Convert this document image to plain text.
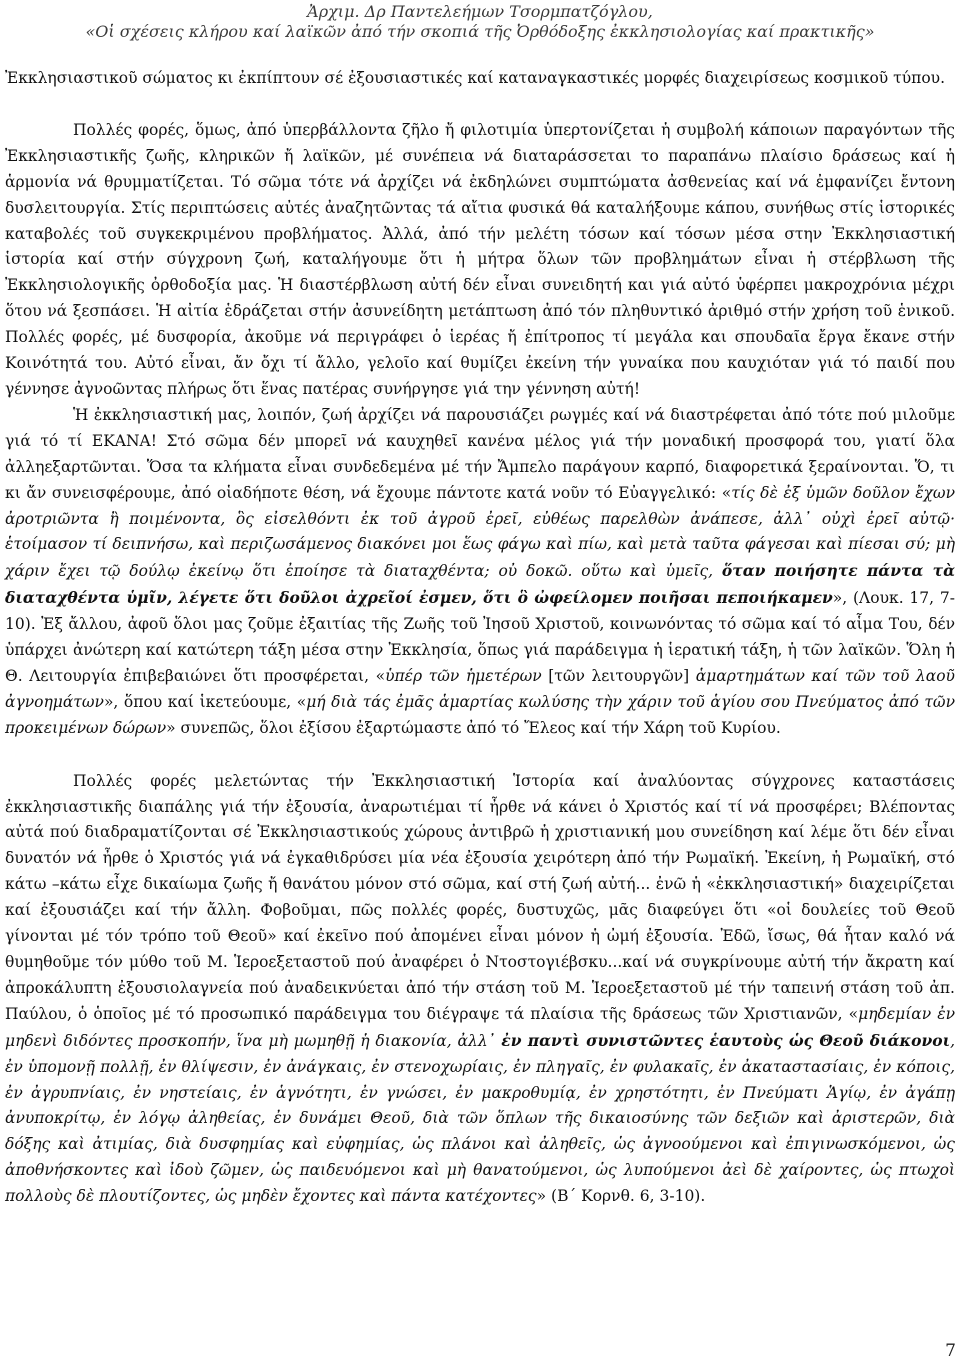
Ἀρχιμ. Δρ Παντελεήμων Τσορμπατζόγλου,
«Οἱ σχέσεις κλήρου καί λαϊκῶν ἀπό τήν σκοπιά τῆς Ὀρθόδοξης ἐκκλησιολογίας καί πρακτικῆς»

Ἐκκλησιαστικοῦ σώματος κι ἐκπίπτουν σέ ἐξουσιαστικές καί καταναγκαστικές μορφές διαχειρίσεως κοσμικοῦ τύπου.

Πολλές φορές, ὅμως, ἀπό ὑπερβάλλοντα ζῆλο ἤ φιλοτιμία ὑπερτονίζεται ἡ συμβολή κάποιων παραγόντων τῆς Ἐκκλησιαστικῆς ζωῆς, κληρικῶν ἤ λαϊκῶν, μέ συνέπεια νά διαταράσσεται το παραπάνω πλαίσιο δράσεως καί ἡ ἁρμονία νά θρυμματίζεται. Τό σῶμα τότε νά ἀρχίζει νά ἐκδηλώνει συμπτώματα ἀσθενείας καί νά ἐμφανίζει ἔντονη δυσλειτουργία. Στίς περιπτώσεις αὐτές ἀναζητῶντας τά αἴτια φυσικά θά καταλήξουμε κάπου, συνήθως στίς ἱστορικές καταβολές τοῦ συγκεκριμένου προβλήματος. Ἀλλά, ἀπό τήν μελέτη τόσων καί τόσων μέσα στην Ἐκκλησιαστική ἱστορία καί στήν σύγχρονη ζωή, καταλήγουμε ὅτι ἡ μήτρα ὅλων τῶν προβλημάτων εἶναι ἡ στέρβλωση τῆς Ἐκκλησιολογικῆς ὀρθοδοξία μας. Ἡ διαστέρβλωση αὐτή δέν εἶναι συνειδητή και γιά αὐτό ὑφέρπει μακροχρόνια μέχρι ὅτου νά ξεσπάσει. Ἡ αἰτία ἑδράζεται στήν ἀσυνείδητη μετάπτωση ἀπό τόν πληθυντικό ἀριθμό στήν χρήση τοῦ ἑνικοῦ. Πολλές φορές, μέ δυσφορία, ἀκοῦμε νά περιγράφει ὁ ἱερέας ἤ ἐπίτροπος τί μεγάλα και σπουδαῖα ἔργα ἔκανε στήν Κοινότητά του. Αὐτό εἶναι, ἄν ὄχι τί ἄλλο, γελοῖο καί θυμίζει ἐκείνη τήν γυναίκα που καυχιόταν γιά τό παιδί που γέννησε ἀγνοῶντας πλήρως ὅτι ἕνας πατέρας συνήργησε γιά την γέννηση αὐτή!

Ἡ ἐκκλησιαστική μας, λοιπόν, ζωή ἀρχίζει νά παρουσιάζει ρωγμές καί νά διαστρέφεται ἀπό τότε πού μιλοῦμε γιά τό τί ΕΚΑΝΑ! Στό σῶμα δέν μπορεῖ νά καυχηθεῖ κανένα μέλος γιά τήν μοναδική προσφορά του, γιατί ὅλα ἀλληεξαρτῶνται. Ὅσα τα κλήματα εἶναι συνδεδεμένα μέ τήν Ἄμπελο παράγουν καρπό, διαφορετικά ξεραίνονται. Ὅ, τι κι ἄν συνεισφέρουμε, ἀπό οἱαδήποτε θέση, νά ἔχουμε πάντοτε κατά νοῦν τό Εὐαγγελικό: «τίς δὲ ἐξ ὑμῶν δοῦλον ἔχων ἀροτριῶντα ἢ ποιμένοντα, ὃς εἰσελθόντι ἐκ τοῦ ἀγροῦ ἐρεῖ, εὐθέως παρελθὼν ἀνάπεσε, ἀλλ᾿ οὐχὶ ἐρεῖ αὐτῷ· ἑτοίμασον τί δειπνήσω, καὶ περιζωσάμενος διακόνει μοι ἕως φάγω καὶ πίω, καὶ μετὰ ταῦτα φάγεσαι καὶ πίεσαι σύ; μὴ χάριν ἔχει τῷ δούλῳ ἐκείνῳ ὅτι ἐποίησε τὰ διαταχθέντα; οὐ δοκῶ. οὕτω καὶ ὑμεῖς, ὅταν ποιήσητε πάντα τὰ διαταχθέντα ὑμῖν, λέγετε ὅτι δοῦλοι ἀχρεῖοί ἐσμεν, ὅτι ὃ ὠφείλομεν ποιῆσαι πεποιήκαμεν», (Λουκ. 17, 7-10). Ἐξ ἄλλου, ἀφοῦ ὅλοι μας ζοῦμε ἐξαιτίας τῆς Ζωῆς τοῦ Ἰησοῦ Χριστοῦ, κοινωνόντας τό σῶμα καί τό αἷμα Του, δέν ὑπάρχει ἀνώτερη καί κατώτερη τάξη μέσα στην Ἐκκλησία, ὅπως γιά παράδειγμα ἡ ἱερατική τάξη, ἡ τῶν λαϊκῶν. Ὅλη ἡ Θ. Λειτουργία ἐπιβεβαιώνει ὅτι προσφέρεται, «ὑπέρ τῶν ἡμετέρων [τῶν λειτουργῶν] ἁμαρτημάτων καί τῶν τοῦ λαοῦ ἀγνοημάτων», ὅπου καί ἱκετεύουμε, «μή διὰ τάς ἐμᾶς ἁμαρτίας κωλύσης τὴν χάριν τοῦ ἁγίου σου Πνεύματος ἀπό τῶν προκειμένων δώρων» συνεπῶς, ὅλοι ἐξίσου ἐξαρτώμαστε ἀπό τό Ἔλεος καί τήν Χάρη τοῦ Κυρίου.

Πολλές φορές μελετώντας τήν Ἐκκλησιαστική Ἱστορία καί ἀναλύοντας σύγχρονες καταστάσεις ἐκκλησιαστικῆς διαπάλης γιά τήν ἐξουσία, ἀναρωτιέμαι τί ἦρθε νά κάνει ὁ Χριστός καί τί νά προσφέρει; Βλέποντας αὐτά πού διαδραματίζονται σέ Ἐκκλησιαστικούς χώρους ἀντιβρῶ ἡ χριστιανική μου συνείδηση καί λέμε ὅτι δέν εἶναι δυνατόν νά ἦρθε ὁ Χριστός γιά νά ἐγκαθιδρύσει μία νέα ἐξουσία χειρότερη ἀπό τήν Ρωμαϊκή. Ἐκείνη, ἡ Ρωμαϊκή, στό κάτω –κάτω εἶχε δικαίωμα ζωῆς ἤ θανάτου μόνον στό σῶμα, καί στή ζωή αὐτή... ἐνῶ ἡ «ἐκκλησιαστική» διαχειρίζεται καί ἐξουσιάζει καί τήν ἄλλη. Φοβοῦμαι, πῶς πολλές φορές, δυστυχῶς, μᾶς διαφεύγει ὅτι «οἱ δουλείες τοῦ Θεοῦ γίνονται μέ τόν τρόπο τοῦ Θεοῦ» καί ἐκεῖνο πού ἀπομένει εἶναι μόνον ἡ ὠμή ἐξουσία. Ἐδῶ, ἴσως, θά ἦταν καλό νά θυμηθοῦμε τόν μύθο τοῦ Μ. Ἱεροεξεταστοῦ πού ἀναφέρει ὁ Ντοστογιέβσκυ...καί νά συγκρίνουμε αὐτή τήν ἄκρατη καί ἀπροκάλυπτη ἐξουσιολαγνεία πού ἀναδεικνύεται ἀπό τήν στάση τοῦ Μ. Ἱεροεξεταστοῦ μέ τήν ταπεινή στάση τοῦ ἀπ. Παύλου, ὁ ὁποῖος μέ τό προσωπικό παράδειγμα του διέγραψε τά πλαίσια τῆς δράσεως τῶν Χριστιανῶν, «μηδεμίαν ἐν μηδενὶ διδόντες προσκοπήν, ἵνα μὴ μωμηθῇ ἡ διακονία, ἀλλ᾿ ἐν παντὶ συνιστῶντες ἑαυτοὺς ὡς Θεοῦ διάκονοι, ἐν ὑπομονῇ πολλῇ, ἐν θλίψεσιν, ἐν ἀνάγκαις, ἐν στενοχωρίαις, ἐν πληγαῖς, ἐν φυλακαῖς, ἐν ἀκαταστασίαις, ἐν κόποις, ἐν ἀγρυπνίαις, ἐν νηστείαις, ἐν ἁγνότητι, ἐν γνώσει, ἐν μακροθυμίᾳ, ἐν χρηστότητι, ἐν Πνεύματι Ἁγίῳ, ἐν ἀγάπῃ ἀνυποκρίτῳ, ἐν λόγῳ ἀληθείας, ἐν δυνάμει Θεοῦ, διὰ τῶν ὅπλων τῆς δικαιοσύνης τῶν δεξιῶν καὶ ἀριστερῶν, διὰ δόξης καὶ ἀτιμίας, διὰ δυσφημίας καὶ εὐφημίας, ὡς πλάνοι καὶ ἀληθεῖς, ὡς ἀγνοούμενοι καὶ ἐπιγινωσκόμενοι, ὡς ἀποθνήσκοντες καὶ ἰδοὺ ζῶμεν, ὡς παιδευόμενοι καὶ μὴ θανατούμενοι, ὡς λυπούμενοι ἀεὶ δὲ χαίροντες, ὡς πτωχοὶ πολλοὺς δὲ πλουτίζοντες, ὡς μηδὲν ἔχοντες καὶ πάντα κατέχοντες» (Β΄ Κορνθ. 6, 3-10).

7
